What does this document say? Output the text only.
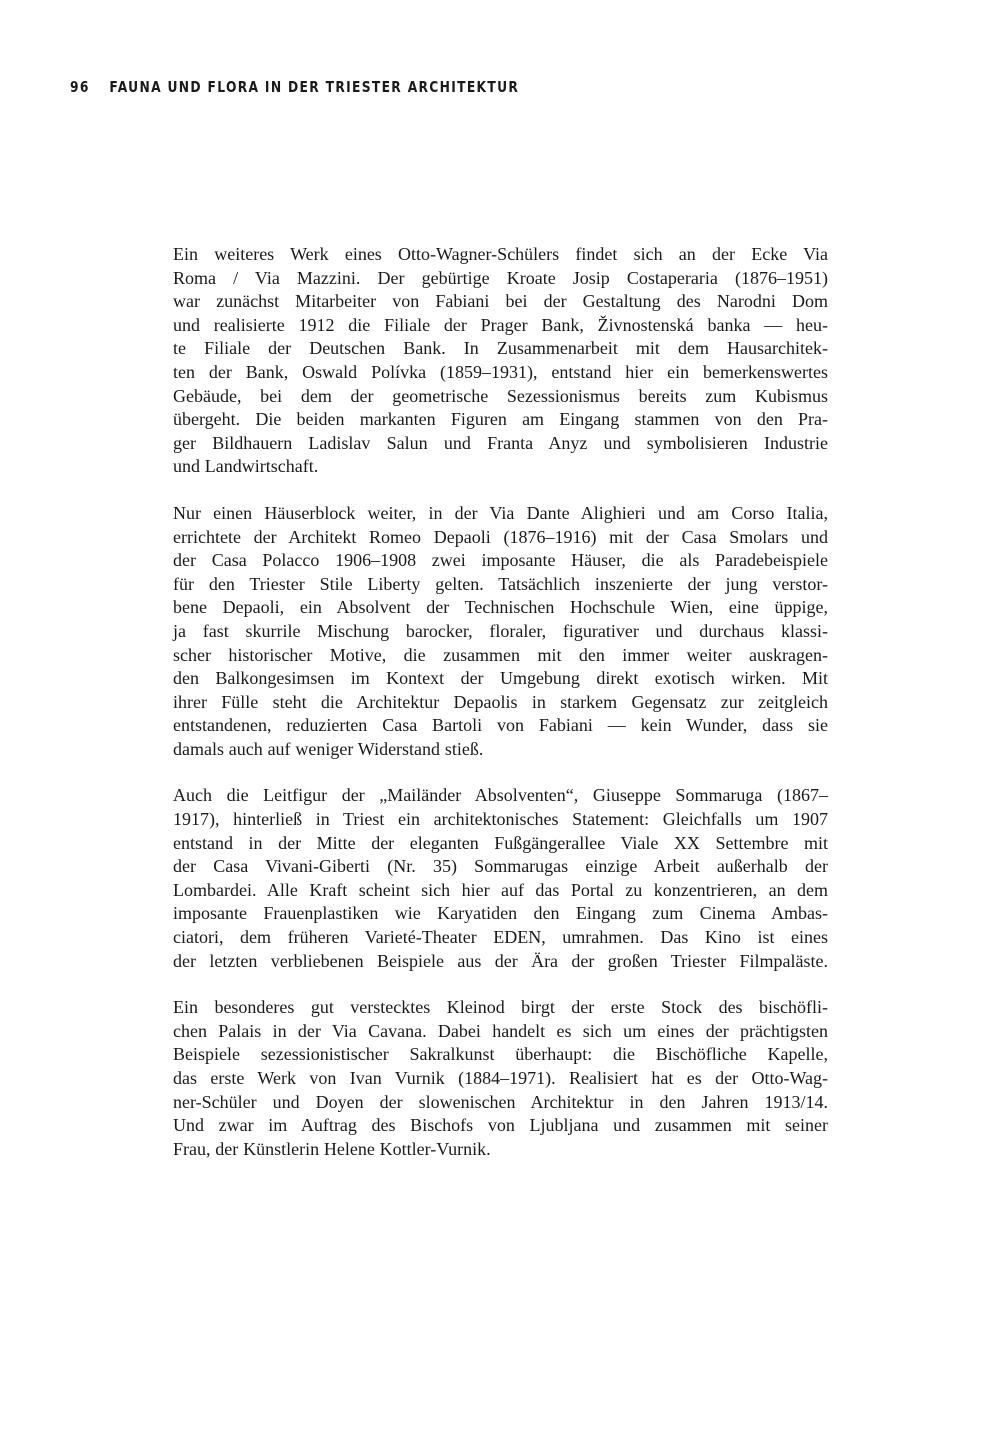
96 FAUNA UND FLORA IN DER TRIESTER ARCHITEKTUR

Ein weiteres Werk eines Otto-Wagner-Schülers findet sich an der Ecke Via
Roma / Via Mazzini. Der gebürtige Kroate Josip Costaperaria (1876–1951)
war zunächst Mitarbeiter von Fabiani bei der Gestaltung des Narodni Dom
und realisierte 1912 die Filiale der Prager Bank, Živnostenská banka — heu-
te Filiale der Deutschen Bank. In Zusammenarbeit mit dem Hausarchitek-
ten der Bank, Oswald Polívka (1859–1931), entstand hier ein bemerkenswertes
Gebäude, bei dem der geometrische Sezessionismus bereits zum Kubismus
übergeht. Die beiden markanten Figuren am Eingang stammen von den Pra-
ger Bildhauern Ladislav Salun und Franta Anyz und symbolisieren Industrie
und Landwirtschaft.

Nur einen Häuserblock weiter, in der Via Dante Alighieri und am Corso Italia,
errichtete der Architekt Romeo Depaoli (1876–1916) mit der Casa Smolars und
der Casa Polacco 1906–1908 zwei imposante Häuser, die als Paradebeispiele
für den Triester Stile Liberty gelten. Tatsächlich inszenierte der jung verstor-
bene Depaoli, ein Absolvent der Technischen Hochschule Wien, eine üppige,
ja fast skurrile Mischung barocker, floraler, figurativer und durchaus klassi-
scher historischer Motive, die zusammen mit den immer weiter auskragen-
den Balkongesimsen im Kontext der Umgebung direkt exotisch wirken. Mit
ihrer Fülle steht die Architektur Depaolis in starkem Gegensatz zur zeitgleich
entstandenen, reduzierten Casa Bartoli von Fabiani — kein Wunder, dass sie
damals auch auf weniger Widerstand stieß.

Auch die Leitfigur der „Mailänder Absolventen“, Giuseppe Sommaruga (1867–
1917), hinterließ in Triest ein architektonisches Statement: Gleichfalls um 1907
entstand in der Mitte der eleganten Fußgängerallee Viale XX Settembre mit
der Casa Vivani-Giberti (Nr. 35) Sommarugas einzige Arbeit außerhalb der
Lombardei. Alle Kraft scheint sich hier auf das Portal zu konzentrieren, an dem
imposante Frauenplastiken wie Karyatiden den Eingang zum Cinema Ambas-
ciatori, dem früheren Varieté-Theater EDEN, umrahmen. Das Kino ist eines
der letzten verbliebenen Beispiele aus der Ära der großen Triester Filmpaläste.

Ein besonderes gut verstecktes Kleinod birgt der erste Stock des bischöfli-
chen Palais in der Via Cavana. Dabei handelt es sich um eines der prächtigsten
Beispiele sezessionistischer Sakralkunst überhaupt: die Bischöfliche Kapelle,
das erste Werk von Ivan Vurnik (1884–1971). Realisiert hat es der Otto-Wag-
ner-Schüler und Doyen der slowenischen Architektur in den Jahren 1913/14.
Und zwar im Auftrag des Bischofs von Ljubljana und zusammen mit seiner
Frau, der Künstlerin Helene Kottler-Vurnik.
